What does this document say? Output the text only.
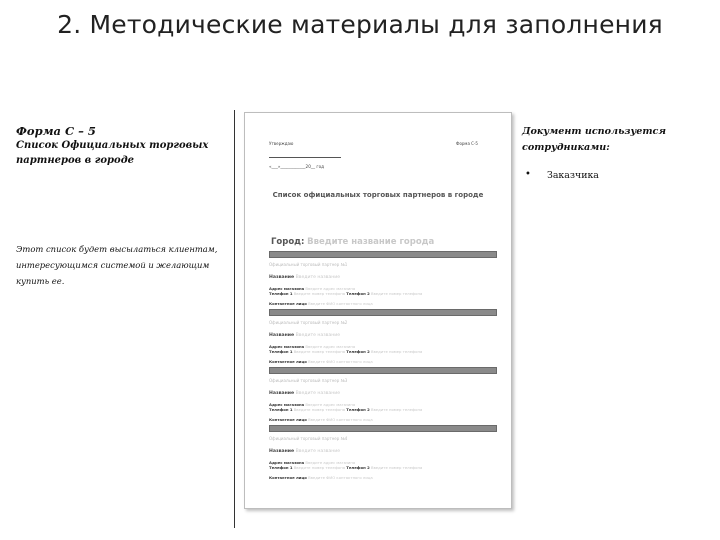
2. Методические материалы для заполнения
Форма С – 5
Список Официальных торговых партнеров в городе
Этот список будет высылаться клиентам, интересующимся системой и желающим купить ее.
Утверждаю	Форма С-5
«___»____________20__ год
Список официальных торговых партнеров в городе
Город: Введите название города
Официальный торговый партнер №1
Название Введите название
Адрес магазина Введите адрес магазина
Телефон 1 Введите номер телефона Телефон 2 Введите номер телефона
Контактное лицо Введите ФИО контактного лица
Официальный торговый партнер №2
Название Введите название
Адрес магазина Введите адрес магазина
Телефон 1 Введите номер телефона Телефон 2 Введите номер телефона
Контактное лицо Введите ФИО контактного лица
Официальный торговый партнер №3
Название Введите название
Адрес магазина Введите адрес магазина
Телефон 1 Введите номер телефона Телефон 2 Введите номер телефона
Контактное лицо Введите ФИО контактного лица
Официальный торговый партнер №4
Название Введите название
Адрес магазина Введите адрес магазина
Телефон 1 Введите номер телефона Телефон 2 Введите номер телефона
Контактное лицо Введите ФИО контактного лица
Документ используется сотрудниками:
• Заказчика
